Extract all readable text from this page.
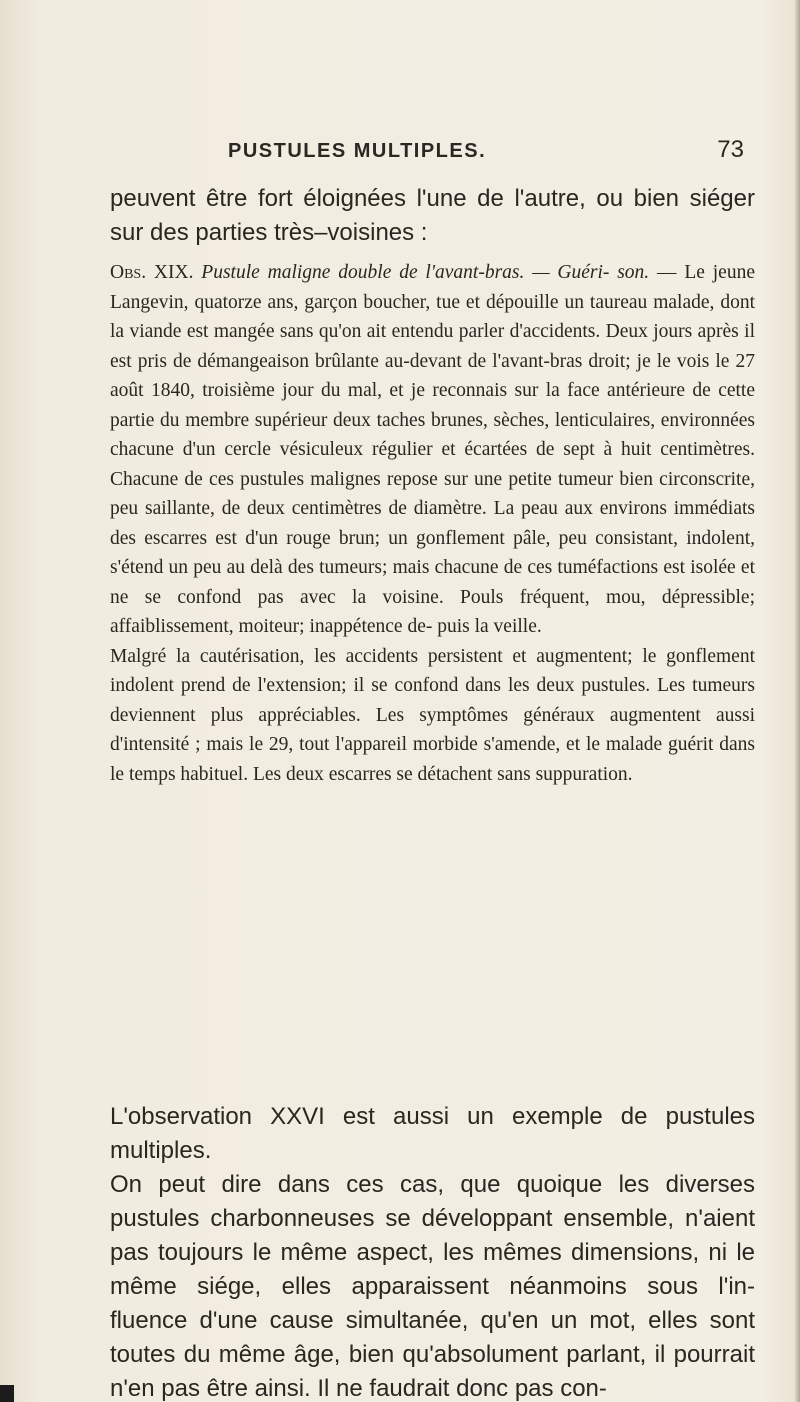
PUSTULES MULTIPLES.	73

peuvent être fort éloignées l'une de l'autre, ou bien siéger sur des parties très–voisines :

Obs. XIX. Pustule maligne double de l'avant-bras. — Guéri- son. — Le jeune Langevin, quatorze ans, garçon boucher, tue et dépouille un taureau malade, dont la viande est mangée sans qu'on ait entendu parler d'accidents. Deux jours après il est pris de démangeaison brûlante au-devant de l'avant-bras droit; je le vois le 27 août 1840, troisième jour du mal, et je reconnais sur la face antérieure de cette partie du membre supérieur deux taches brunes, sèches, lenticulaires, environnées chacune d'un cercle vésiculeux régulier et écartées de sept à huit centimètres. Chacune de ces pustules malignes repose sur une petite tumeur bien circonscrite, peu saillante, de deux centimètres de diamètre. La peau aux environs immédiats des escarres est d'un rouge brun; un gonflement pâle, peu consistant, indolent, s'étend un peu au delà des tumeurs; mais chacune de ces tuméfactions est isolée et ne se confond pas avec la voisine. Pouls fréquent, mou, dépressible; affaiblissement, moiteur; inappétence de- puis la veille.

Malgré la cautérisation, les accidents persistent et augmentent; le gonflement indolent prend de l'extension; il se confond dans les deux pustules. Les tumeurs deviennent plus appréciables. Les symptômes généraux augmentent aussi d'intensité ; mais le 29, tout l'appareil morbide s'amende, et le malade guérit dans le temps habituel. Les deux escarres se détachent sans suppuration.

L'observation XXVI est aussi un exemple de pustules multiples.

On peut dire dans ces cas, que quoique les diverses pustules charbonneuses se développant ensemble, n'aient pas toujours le même aspect, les mêmes dimensions, ni le même siége, elles apparaissent néanmoins sous l'in- fluence d'une cause simultanée, qu'en un mot, elles sont toutes du même âge, bien qu'absolument parlant, il pourrait n'en pas être ainsi. Il ne faudrait donc pas con-
